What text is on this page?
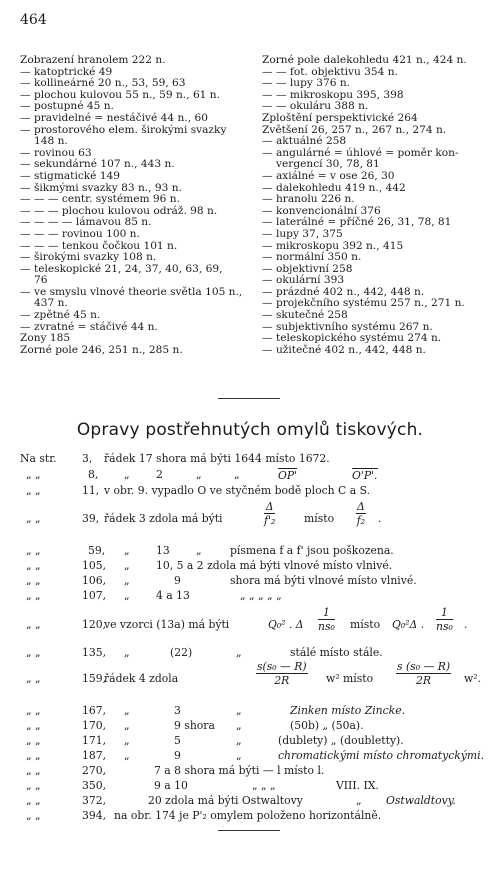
464
Zobrazení hranolem 222 n.
— katoptrické 49
— kollineárné 20 n., 53, 59, 63
— plochou kulovou 55 n., 59 n., 61 n.
— postupné 45 n.
— pravidelné = nestáčivé 44 n., 60
— prostorového elem. širokými svazky
148 n.
— rovinou 63
— sekundárné 107 n., 443 n.
— stigmatické 149
— šikmými svazky 83 n., 93 n.
— — — centr. systémem 96 n.
— — — plochou kulovou odráž. 98 n.
— — — — lámavou 85 n.
— — — rovinou 100 n.
— — — tenkou čočkou 101 n.
— širokými svazky 108 n.
— teleskopické 21, 24, 37, 40, 63, 69,
76
— ve smyslu vlnové theorie světla 105 n.,
437 n.
— zpětné 45 n.
— zvratné = stáčivé 44 n.
Zony 185
Zorné pole 246, 251 n., 285 n.
Zorné pole dalekohledu 421 n., 424 n.
— — fot. objektivu 354 n.
— — lupy 376 n.
— — mikroskopu 395, 398
— — okuláru 388 n.
Zploštění perspektivické 264
Zvětšení 26, 257 n., 267 n., 274 n.
— aktuálné 258
— angulárné = úhlové = poměr kon-
vergencí 30, 78, 81
— axiálné = v ose 26, 30
— dalekohledu 419 n., 442
— hranolu 226 n.
— konvencionální 376
— laterálné = příčné 26, 31, 78, 81
— lupy 37, 375
— mikroskopu 392 n., 415
— normální 350 n.
— objektivní 258
— okulární 393
— prázdné 402 n., 442, 448 n.
— projekčního systému 257 n., 271 n.
— skutečné 258
— subjektivního systému 267 n.
— teleskopického systému 274 n.
— užitečné 402 n., 442, 448 n.
Opravy postřehnutých omylů tiskových.
Na str. 3, řádek 17 shora má býti 1644 místo 1672.
„ „	8, „ 2	„	„	OP'	O'P'.
„ „	11, v obr. 9. vypadlo O ve styčném bodě ploch C a S.
„ „	39, řádek 3 zdola má býti	$\frac{\Delta}{\text{f'₂}}$	místo $\frac{\Delta}{\text{f₂}}$ .
„ „	59, „ 13 „	písmena f a f' jsou poškozena.
„ „	105, „ 10, 5 a 2 zdola má býti vlnové místo vlnivé.
„ „	106, „	9	shora má býti vlnové místo vlnivé.
„ „	107, „ 4 a 13	„ „ „ „ „
„ „	120,
ve vzorci (13a) má býti	Q₀² . Δ $\frac{1}{\text{ns₀}}$ místo Q₀²Δ . $\frac{1}{\text{ns₀}}$ .
„ „	135, „	(22)	„	stálé místo stále.
„ „	159,
řádek 4 zdola	$\frac{\text{s(s₀ — R)}}{2R} w^2$ místo $\frac{\text{s (s₀ — R)}}{2R} w^2$.
„ „	167, „	3	„	Zinken místo Zincke.
„ „	170, „	9 shora „	(50b) „ (50a).
„ „	171, „	5	„	(dublety) „ (doubletty).
„ „	187, „	9	„	chromatickými místo chromatyckými.
„ „	270,	7 a 8 shora má býti — l místo l.
„ „	350,	9 a 10	„ „ „	VIII. IX.
„ „	372,	20 zdola má býti Ostwaltovy	„ Ostwaldtovy.
„ „	394, na obr. 174 je P'₂ omylem položeno horizontálně.
